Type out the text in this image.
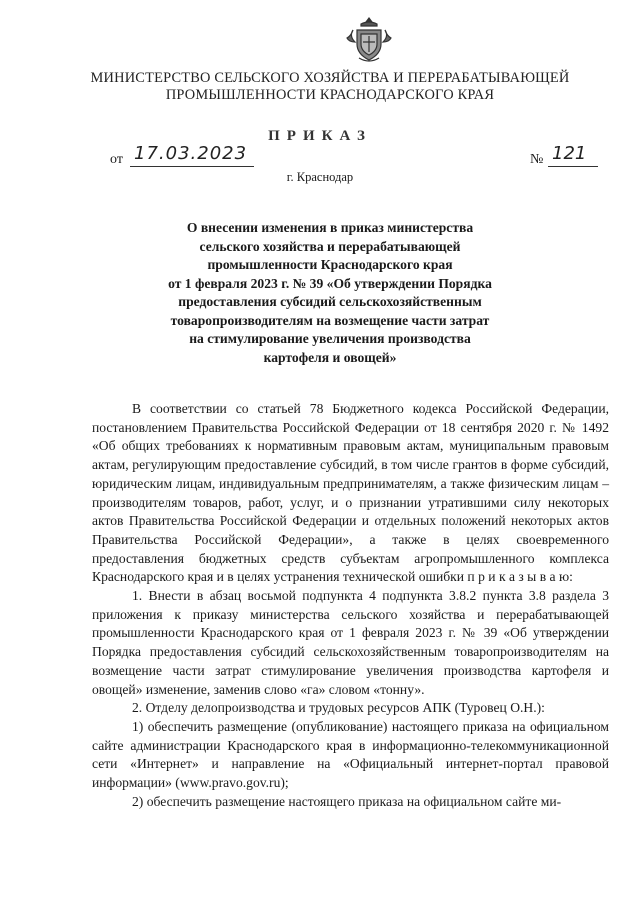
МИНИСТЕРСТВО СЕЛЬСКОГО ХОЗЯЙСТВА И ПЕРЕРАБАТЫВАЮЩЕЙ
ПРОМЫШЛЕННОСТИ КРАСНОДАРСКОГО КРАЯ
ПРИКАЗ
от 17.03.2023	№ 121
г. Краснодар
О внесении изменения в приказ министерства
сельского хозяйства и перерабатывающей
промышленности Краснодарского края
от 1 февраля 2023 г. № 39 «Об утверждении Порядка
предоставления субсидий сельскохозяйственным
товаропроизводителям на возмещение части затрат
на стимулирование увеличения производства
картофеля и овощей»

В соответствии со статьей 78 Бюджетного кодекса Российской Федерации, постановлением Правительства Российской Федерации от 18 сентября 2020 г. № 1492 «Об общих требованиях к нормативным правовым актам, муниципальным правовым актам, регулирующим предоставление субсидий, в том числе грантов в форме субсидий, юридическим лицам, индивидуальным предпринимателям, а также физическим лицам – производителям товаров, работ, услуг, и о признании утратившими силу некоторых актов Правительства Российской Федерации и отдельных положений некоторых актов Правительства Российской Федерации», а также в целях своевременного предоставления бюджетных средств субъектам агропромышленного комплекса Краснодарского края и в целях устранения технической ошибки п р и к а з ы в а ю:

1. Внести в абзац восьмой подпункта 4 подпункта 3.8.2 пункта 3.8 раздела 3 приложения к приказу министерства сельского хозяйства и перерабатывающей промышленности Краснодарского края от 1 февраля 2023 г. № 39 «Об утверждении Порядка предоставления субсидий сельскохозяйственным товаропроизводителям на возмещение части затрат стимулирование увеличения производства картофеля и овощей» изменение, заменив слово «га» словом «тонну».

2. Отделу делопроизводства и трудовых ресурсов АПК (Туровец О.Н.):

1) обеспечить размещение (опубликование) настоящего приказа на официальном сайте администрации Краснодарского края в информационно-телекоммуникационной сети «Интернет» и направление на «Официальный интернет-портал правовой информации» (www.pravo.gov.ru);

2) обеспечить размещение настоящего приказа на официальном сайте ми-
